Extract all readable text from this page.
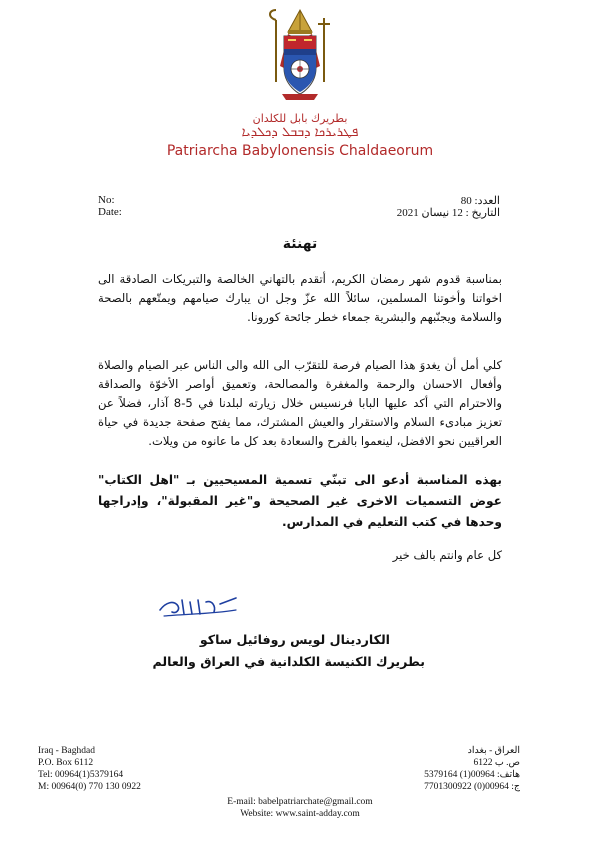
بطريرك بابل للكلدان
ܦܛܪܝܪܟܐ ܕܒܒܠ ܕܟܠܕܝܐ
Patriarcha Babylonensis Chaldaeorum
No:
Date:
العدد: 80
التاريخ : 12 نيسان 2021
تهنئة
بمناسبة قدوم شهر رمضان الكريم، أتقدم بالتهاني الخالصة والتبريكات الصادقة الى اخواتنا وأخوتنا المسلمين، سائلاً الله عزّ وجل ان يبارك صيامهم ويمتّعهم بالصحة والسلامة ويجنّبهم والبشرية جمعاء خطر جائحة كورونا.
كلي أمل أن يغدوَ هذا الصيام فرصة للتقرّب الى الله والى الناس عبر الصيام والصلاة وأفعال الاحسان والرحمة والمغفرة والمصالحة، وتعميق أواصر الأخوّة والصداقة والاحترام التي أكد عليها البابا فرنسيس خلال زيارته لبلدنا في 5-8 آذار، فضلاً عن تعزيز مبادىء السلام والاستقرار والعيش المشترك، مما يفتح صفحة جديدة في حياة العراقيين نحو الافضل، لينعموا بالفرح والسعادة بعد كل ما عانوه من ويلات.
بهذه المناسبة أدعو الى تبنّي تسمية المسيحيين بـ "اهل الكتاب" عوض التسميات الاخرى غير الصحيحة و"غير المقبولة"، وإدراجها وحدها في كتب التعليم في المدارس.
كل عام وانتم بالف خير
الكاردينال لويس روفائيل ساكو
بطريرك الكنيسة الكلدانية في العراق والعالم
Iraq - Baghdad
P.O. Box 6112
Tel: 00964(1)5379164
M: 00964(0) 770 130 0922
العراق - بغداد
ص. ب 6122
هاتف: 00964(1) 5379164
ج: 00964(0) 7701300922
E-mail: babelpatriarchate@gmail.com
Website: www.saint-adday.com
